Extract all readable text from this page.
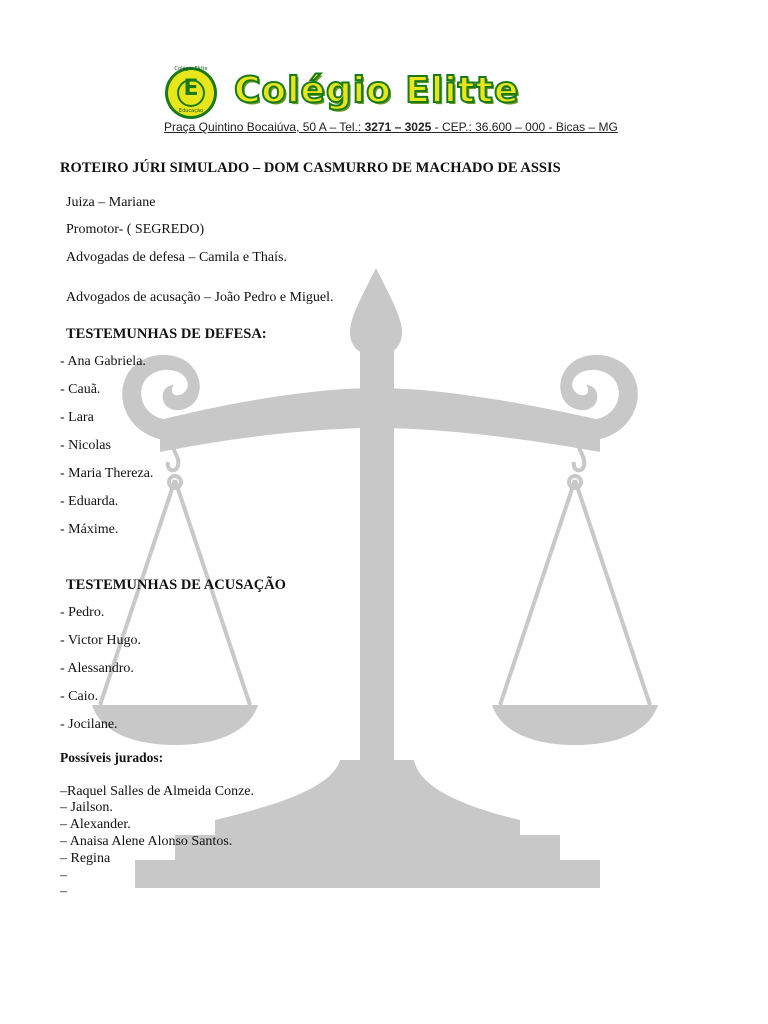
E
Colégio Elitte
Educação Colégio Elitte
Praça Quintino Bocaiúva, 50 A – Tel.: 3271 – 3025 - CEP.: 36.600 – 000 - Bicas – MG
ROTEIRO JÚRI SIMULADO – DOM CASMURRO DE MACHADO DE ASSIS
Juiza – Mariane
Promotor- ( SEGREDO)
Advogadas de defesa – Camila e Thaís.
Advogados de acusação – João Pedro e Miguel.
TESTEMUNHAS DE DEFESA:
- Ana Gabriela.
- Cauã.
- Lara
- Nicolas
- Maria Thereza.
- Eduarda.
- Máxime.
TESTEMUNHAS DE ACUSAÇÃO
- Pedro.
- Victor Hugo.
- Alessandro.
- Caio.
- Jocilane.
Possíveis jurados:
–Raquel Salles de Almeida Conze.
– Jailson.
– Alexander.
– Anaisa Alene Alonso Santos.
– Regina
–
–
